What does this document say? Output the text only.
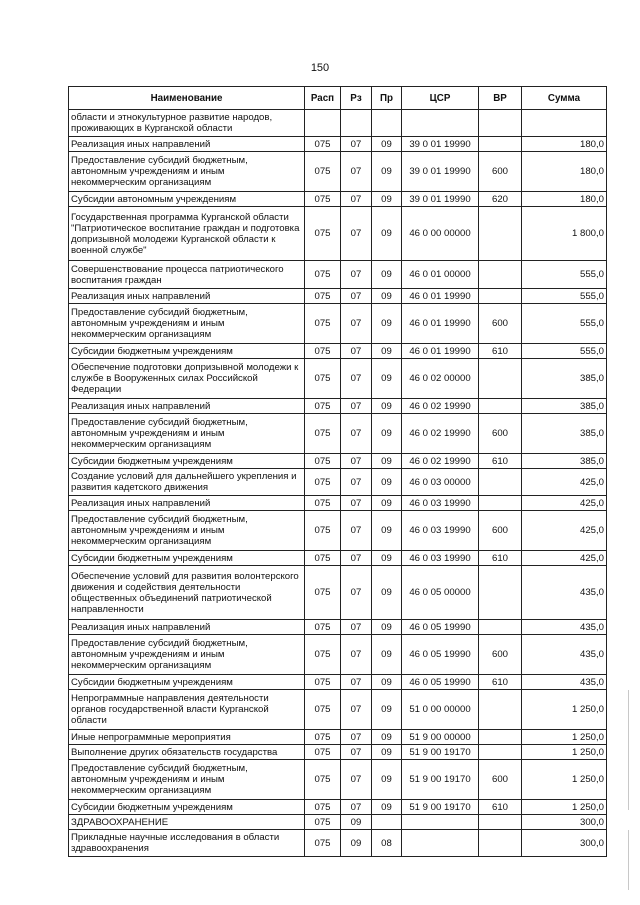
150
Наименование	Расп	Рз	Пр	ЦСР	ВР	Сумма
области и этнокультурное развитие народов, проживающих в Курганской области						
Реализация иных направлений	075	07	09	39 0 01 19990		180,0
Предоставление субсидий бюджетным, автономным учреждениям и иным некоммерческим организациям	075	07	09	39 0 01 19990	600	180,0
Субсидии автономным учреждениям	075	07	09	39 0 01 19990	620	180,0
Государственная программа Курганской области "Патриотическое воспитание граждан и подготовка допризывной молодежи Курганской области к военной службе"	075	07	09	46 0 00 00000		1 800,0
Совершенствование процесса патриотического воспитания граждан	075	07	09	46 0 01 00000		555,0
Реализация иных направлений	075	07	09	46 0 01 19990		555,0
Предоставление субсидий бюджетным, автономным учреждениям и иным некоммерческим организациям	075	07	09	46 0 01 19990	600	555,0
Субсидии бюджетным учреждениям	075	07	09	46 0 01 19990	610	555,0
Обеспечение подготовки допризывной молодежи к службе в Вооруженных силах Российской Федерации	075	07	09	46 0 02 00000		385,0
Реализация иных направлений	075	07	09	46 0 02 19990		385,0
Предоставление субсидий бюджетным, автономным учреждениям и иным некоммерческим организациям	075	07	09	46 0 02 19990	600	385,0
Субсидии бюджетным учреждениям	075	07	09	46 0 02 19990	610	385,0
Создание условий для дальнейшего укрепления и развития кадетского движения	075	07	09	46 0 03 00000		425,0
Реализация иных направлений	075	07	09	46 0 03 19990		425,0
Предоставление субсидий бюджетным, автономным учреждениям и иным некоммерческим организациям	075	07	09	46 0 03 19990	600	425,0
Субсидии бюджетным учреждениям	075	07	09	46 0 03 19990	610	425,0
Обеспечение условий для развития волонтерского движения и содействия деятельности общественных объединений патриотической направленности	075	07	09	46 0 05 00000		435,0
Реализация иных направлений	075	07	09	46 0 05 19990		435,0
Предоставление субсидий бюджетным, автономным учреждениям и иным некоммерческим организациям	075	07	09	46 0 05 19990	600	435,0
Субсидии бюджетным учреждениям	075	07	09	46 0 05 19990	610	435,0
Непрограммные направления деятельности органов государственной власти Курганской области	075	07	09	51 0 00 00000		1 250,0
Иные непрограммные мероприятия	075	07	09	51 9 00 00000		1 250,0
Выполнение других обязательств государства	075	07	09	51 9 00 19170		1 250,0
Предоставление субсидий бюджетным, автономным учреждениям и иным некоммерческим организациям	075	07	09	51 9 00 19170	600	1 250,0
Субсидии бюджетным учреждениям	075	07	09	51 9 00 19170	610	1 250,0
ЗДРАВООХРАНЕНИЕ	075	09				300,0
Прикладные научные исследования в области здравоохранения	075	09	08			300,0
